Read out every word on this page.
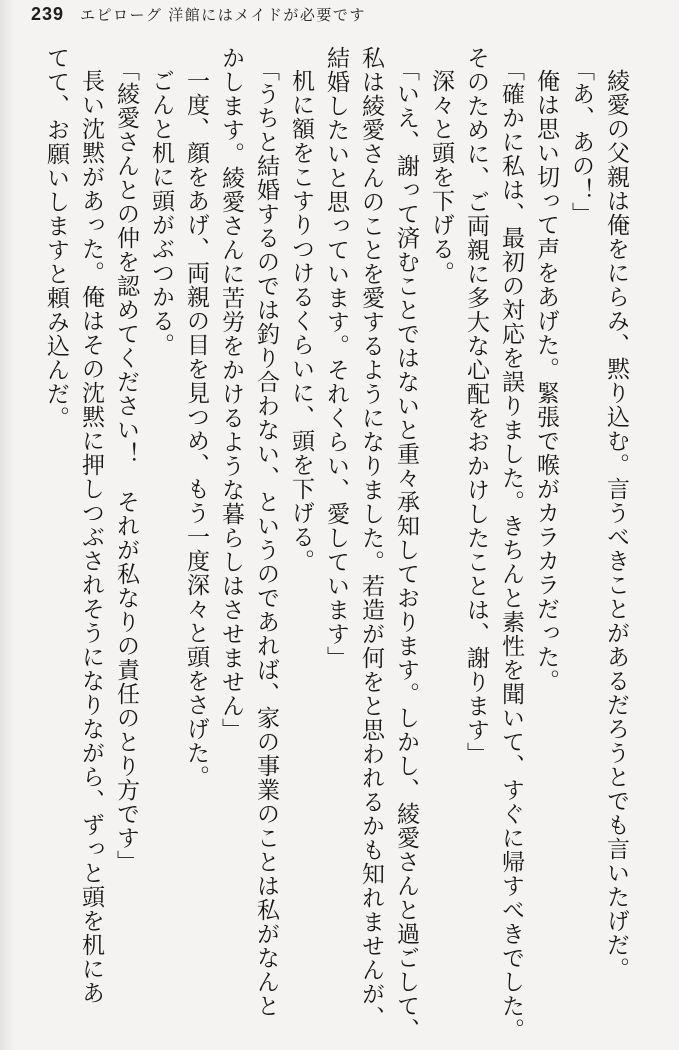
239 エピローグ 洋館にはメイドが必要です
綾愛の父親は俺をにらみ、黙り込む。言うべきことがあるだろうとでも言いたげだ。
「あ、あの！」
俺は思い切って声をあげた。緊張で喉がカラカラだった。
「確かに私は、最初の対応を誤りました。きちんと素性を聞いて、すぐに帰すべきでした。
そのために、ご両親に多大な心配をおかけしたことは、謝ります」
深々と頭を下げる。
「いえ、謝って済むことではないと重々承知しております。しかし、綾愛さんと過ごして、
私は綾愛さんのことを愛するようになりました。若造が何をと思われるかも知れませんが、
結婚したいと思っています。それくらい、愛しています」
机に額をこすりつけるくらいに、頭を下げる。
「うちと結婚するのでは釣り合わない、というのであれば、家の事業のことは私がなんと
かします。綾愛さんに苦労をかけるような暮らしはさせません」
一度、顔をあげ、両親の目を見つめ、もう一度深々と頭をさげた。
ごんと机に頭がぶつかる。
「綾愛さんとの仲を認めてください！　それが私なりの責任のとり方です」
長い沈黙があった。俺はその沈黙に押しつぶされそうになりながら、ずっと頭を机にあ
てて、お願いしますと頼み込んだ。
